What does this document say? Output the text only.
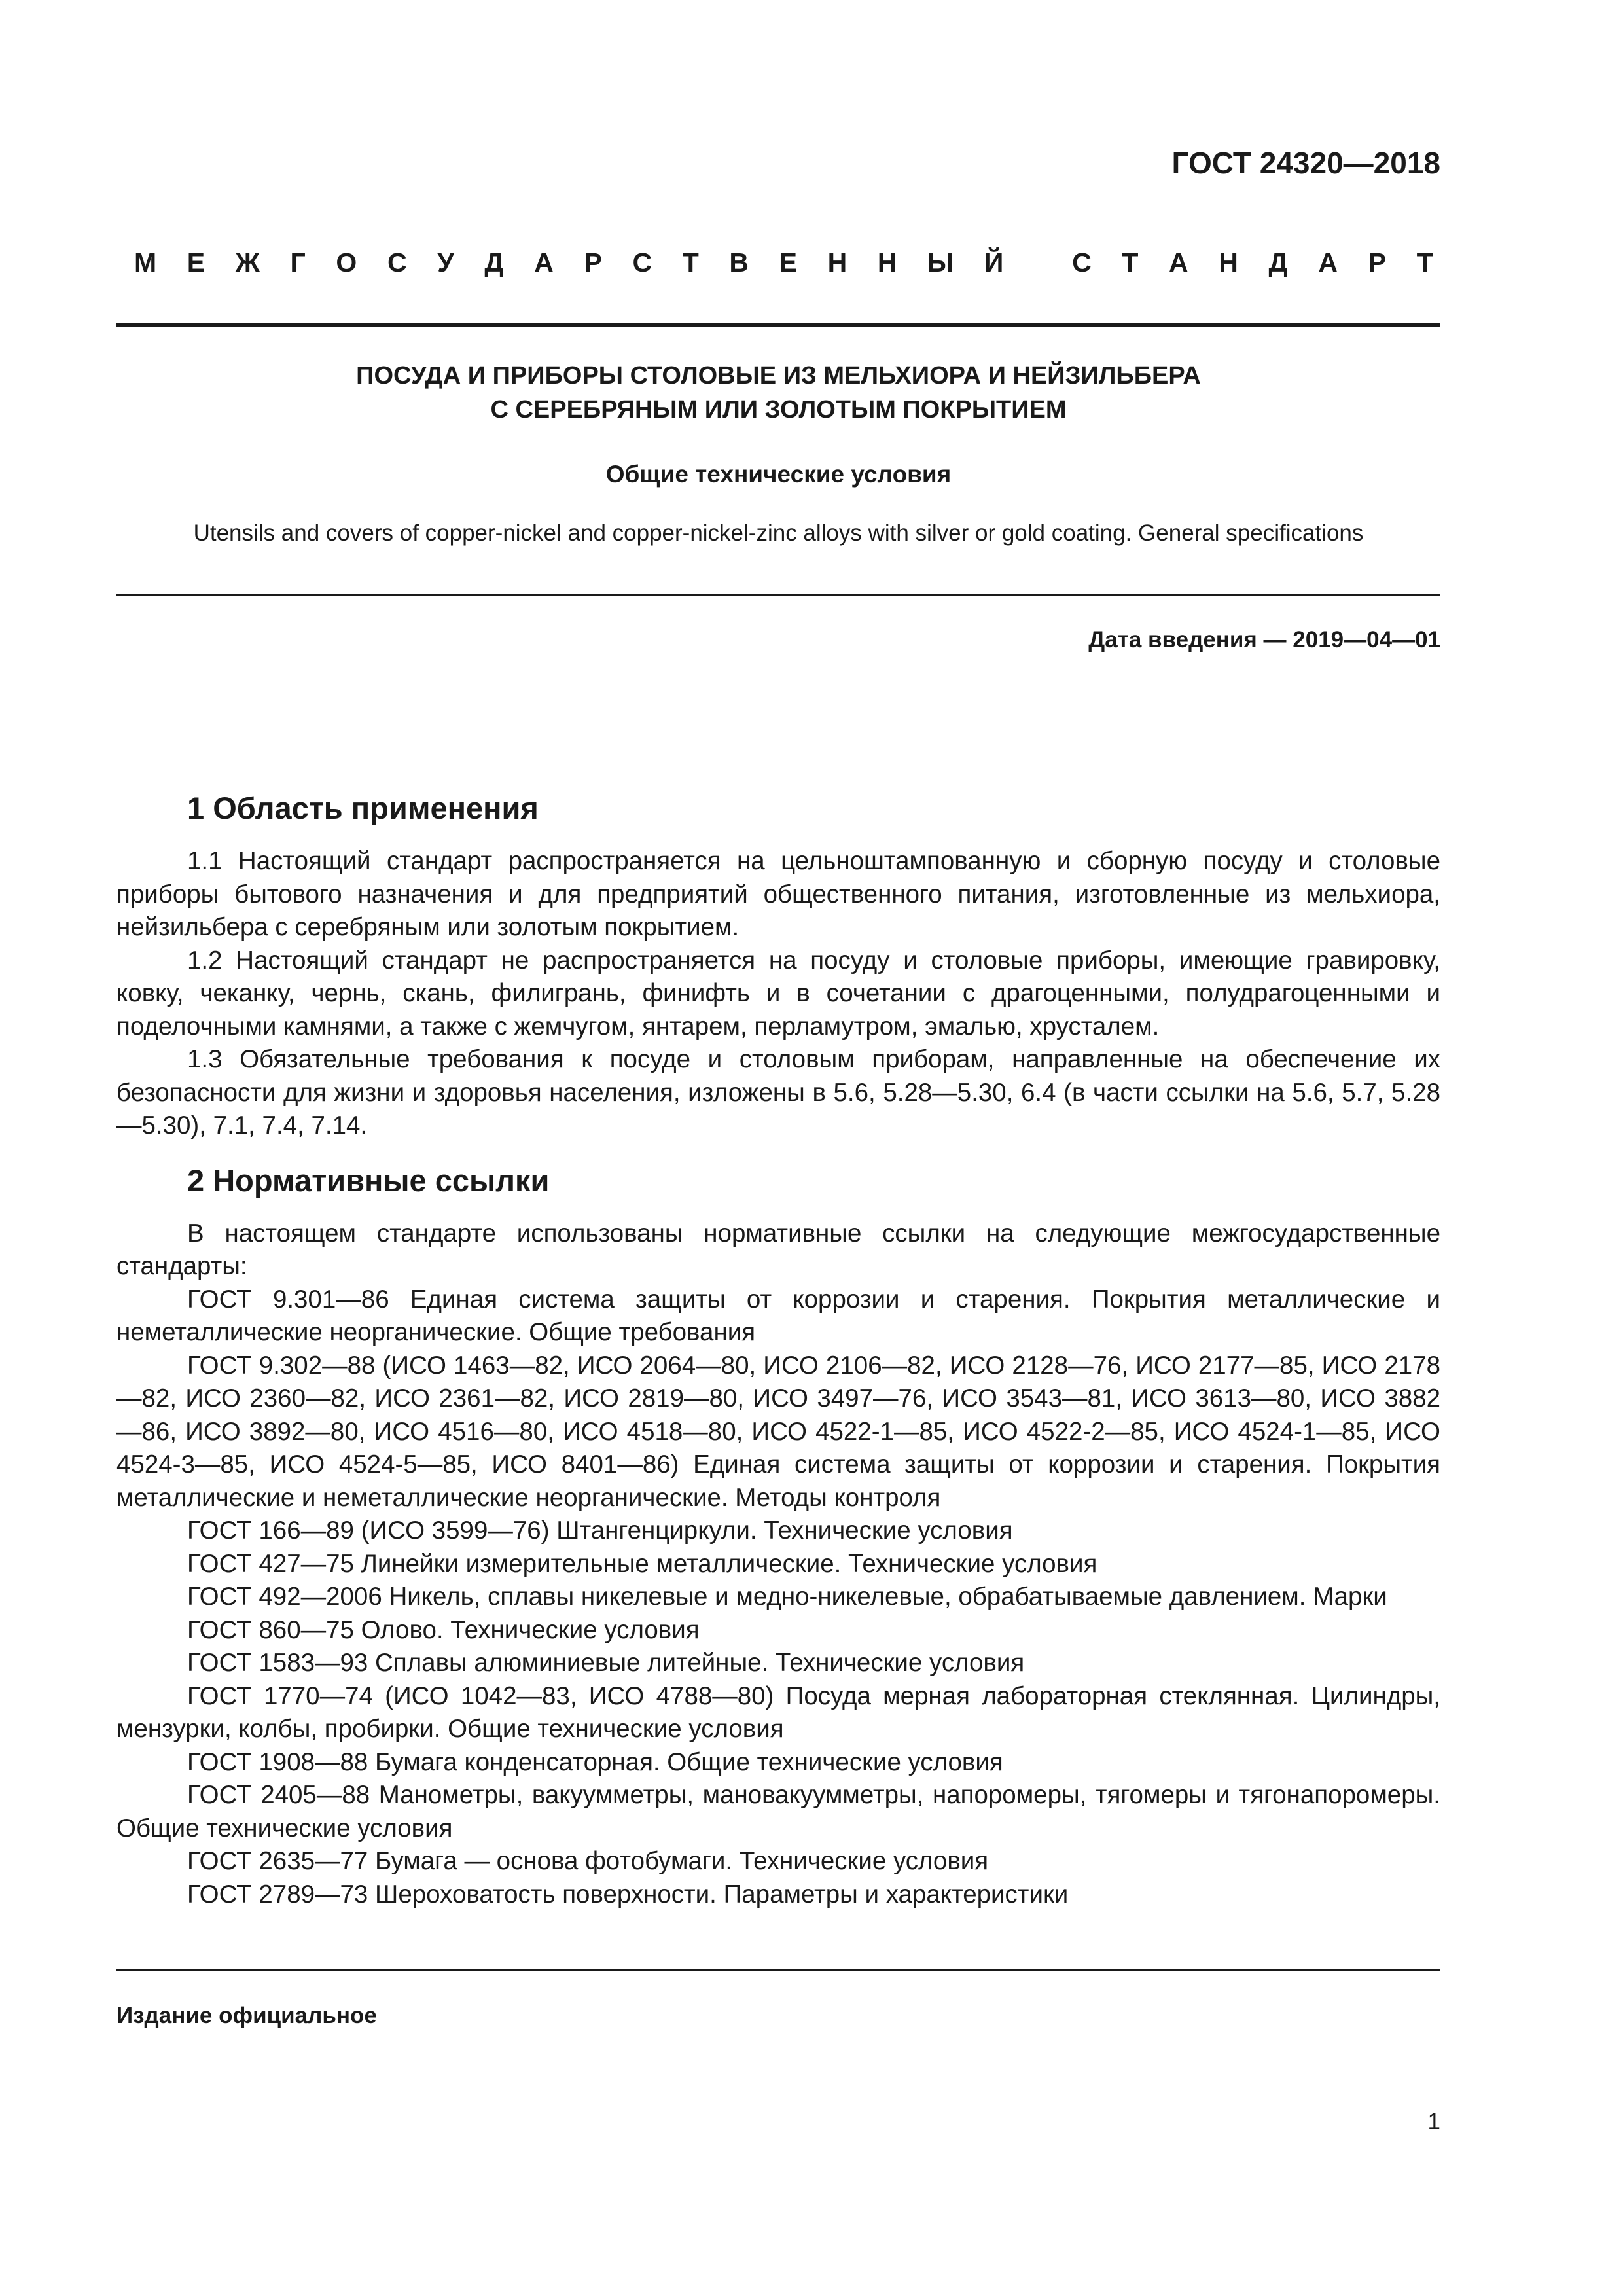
ГОСТ 24320—2018

М Е Ж Г О С У Д А Р С Т В Е Н Н Ы Й
	С Т А Н Д А Р Т
ПОСУДА И ПРИБОРЫ СТОЛОВЫЕ ИЗ МЕЛЬХИОРА И НЕЙЗИЛЬБЕРА
С СЕРЕБРЯНЫМ ИЛИ ЗОЛОТЫМ ПОКРЫТИЕМ

Общие технические условия

Utensils and covers of copper-nickel and copper-nickel-zinc alloys with silver or gold coating. General specifications

Дата введения — 2019—04—01

1 Область применения

1.1 Настоящий стандарт распространяется на цельноштампованную и сборную посуду и столовые приборы бытового назначения и для предприятий общественного питания, изготовленные из мельхиора, нейзильбера с серебряным или золотым покрытием.

1.2 Настоящий стандарт не распространяется на посуду и столовые приборы, имеющие гравировку, ковку, чеканку, чернь, скань, филигрань, финифть и в сочетании с драгоценными, полудрагоценными и поделочными камнями, а также с жемчугом, янтарем, перламутром, эмалью, хрусталем.

1.3 Обязательные требования к посуде и столовым приборам, направленные на обеспечение их безопасности для жизни и здоровья населения, изложены в 5.6, 5.28—5.30, 6.4 (в части ссылки на 5.6, 5.7, 5.28—5.30), 7.1, 7.4, 7.14.

2 Нормативные ссылки

В настоящем стандарте использованы нормативные ссылки на следующие межгосударственные стандарты:

ГОСТ 9.301—86 Единая система защиты от коррозии и старения. Покрытия металлические и неметаллические неорганические. Общие требования

ГОСТ 9.302—88 (ИСО 1463—82, ИСО 2064—80, ИСО 2106—82, ИСО 2128—76, ИСО 2177—85, ИСО 2178—82, ИСО 2360—82, ИСО 2361—82, ИСО 2819—80, ИСО 3497—76, ИСО 3543—81, ИСО 3613—80, ИСО 3882—86, ИСО 3892—80, ИСО 4516—80, ИСО 4518—80, ИСО 4522-1—85, ИСО 4522-2—85, ИСО 4524-1—85, ИСО 4524-3—85, ИСО 4524-5—85, ИСО 8401—86) Единая система защиты от коррозии и старения. Покрытия металлические и неметаллические неорганические. Методы контроля

ГОСТ 166—89 (ИСО 3599—76) Штангенциркули. Технические условия

ГОСТ 427—75 Линейки измерительные металлические. Технические условия

ГОСТ 492—2006 Никель, сплавы никелевые и медно-никелевые, обрабатываемые давлением. Марки

ГОСТ 860—75 Олово. Технические условия

ГОСТ 1583—93 Сплавы алюминиевые литейные. Технические условия

ГОСТ 1770—74 (ИСО 1042—83, ИСО 4788—80) Посуда мерная лабораторная стеклянная. Цилиндры, мензурки, колбы, пробирки. Общие технические условия

ГОСТ 1908—88 Бумага конденсаторная. Общие технические условия

ГОСТ 2405—88 Манометры, вакуумметры, мановакуумметры, напоромеры, тягомеры и тягонапоромеры. Общие технические условия

ГОСТ 2635—77 Бумага — основа фотобумаги. Технические условия

ГОСТ 2789—73 Шероховатость поверхности. Параметры и характеристики

Издание официальное

1
